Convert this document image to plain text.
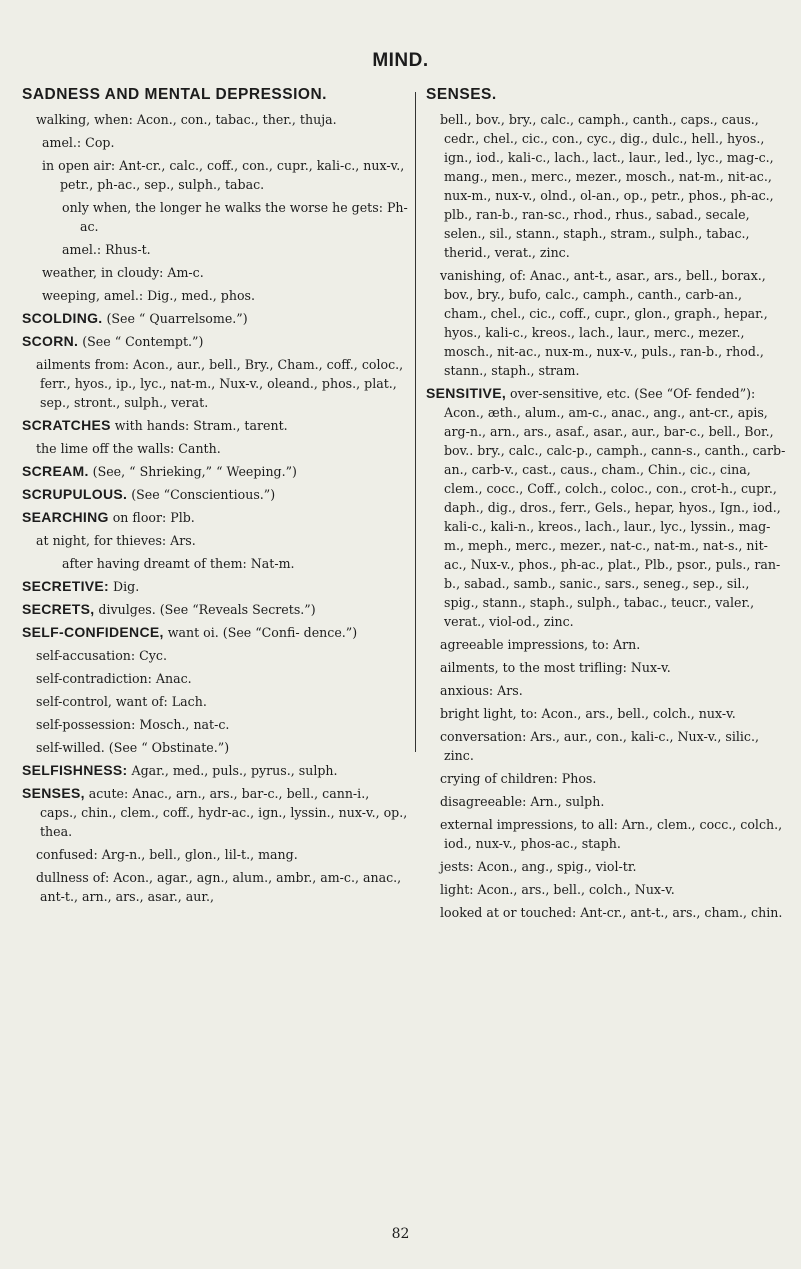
MIND.
SADNESS AND MENTAL DEPRESSION.
walking, when: Acon., con., tabac., ther., thuja.
amel.: Cop.
in open air: Ant-cr., calc., coff., con., cupr., kali-c., nux-v., petr., ph-ac., sep., sulph., tabac.
only when, the longer he walks the worse he gets: Ph-ac.
amel.: Rhus-t.
weather, in cloudy: Am-c.
weeping, amel.: Dig., med., phos.
SCOLDING. (See “ Quarrelsome.”)
SCORN. (See “ Contempt.”)
ailments from: Acon., aur., bell., Bry., Cham., coff., coloc., ferr., hyos., ip., lyc., nat-m., Nux-v., oleand., phos., plat., sep., stront., sulph., verat.
SCRATCHES with hands: Stram., tarent.
the lime off the walls: Canth.
SCREAM. (See, “ Shrieking,” “ Weeping.”)
SCRUPULOUS. (See “Conscientious.”)
SEARCHING on floor: Plb.
at night, for thieves: Ars.
after having dreamt of them: Nat-m.
SECRETIVE: Dig.
SECRETS, divulges. (See “Reveals Secrets.”)
SELF-CONFIDENCE, want oi. (See “Confi- dence.”)
self-accusation: Cyc.
self-contradiction: Anac.
self-control, want of: Lach.
self-possession: Mosch., nat-c.
self-willed. (See “ Obstinate.”)
SELFISHNESS: Agar., med., puls., pyrus., sulph.
SENSES, acute: Anac., arn., ars., bar-c., bell., cann-i., caps., chin., clem., coff., hydr-ac., ign., lyssin., nux-v., op., thea.
confused: Arg-n., bell., glon., lil-t., mang.
dullness of: Acon., agar., agn., alum., ambr., am-c., anac., ant-t., arn., ars., asar., aur.,
SENSES.
bell., bov., bry., calc., camph., canth., caps., caus., cedr., chel., cic., con., cyc., dig., dulc., hell., hyos., ign., iod., kali-c., lach., lact., laur., led., lyc., mag-c., mang., men., merc., mezer., mosch., nat-m., nit-ac., nux-m., nux-v., olnd., ol-an., op., petr., phos., ph-ac., plb., ran-b., ran-sc., rhod., rhus., sabad., secale, selen., sil., stann., staph., stram., sulph., tabac., therid., verat., zinc.
vanishing, of: Anac., ant-t., asar., ars., bell., borax., bov., bry., bufo, calc., camph., canth., carb-an., cham., chel., cic., coff., cupr., glon., graph., hepar., hyos., kali-c., kreos., lach., laur., merc., mezer., mosch., nit-ac., nux-m., nux-v., puls., ran-b., rhod., stann., staph., stram.
SENSITIVE, over-sensitive, etc. (See “Of- fended”): Acon., æth., alum., am-c., anac., ang., ant-cr., apis, arg-n., arn., ars., asaf., asar., aur., bar-c., bell., Bor., bov.. bry., calc., calc-p., camph., cann-s., canth., carb-an., carb-v., cast., caus., cham., Chin., cic., cina, clem., cocc., Coff., colch., coloc., con., crot-h., cupr., daph., dig., dros., ferr., Gels., hepar, hyos., Ign., iod., kali-c., kali-n., kreos., lach., laur., lyc., lyssin., mag-m., meph., merc., mezer., nat-c., nat-m., nat-s., nit-ac., Nux-v., phos., ph-ac., plat., Plb., psor., puls., ran-b., sabad., samb., sanic., sars., seneg., sep., sil., spig., stann., staph., sulph., tabac., teucr., valer., verat., viol-od., zinc.
agreeable impressions, to: Arn.
ailments, to the most trifling: Nux-v.
anxious: Ars.
bright light, to: Acon., ars., bell., colch., nux-v.
conversation: Ars., aur., con., kali-c., Nux-v., silic., zinc.
crying of children: Phos.
disagreeable: Arn., sulph.
external impressions, to all: Arn., clem., cocc., colch., iod., nux-v., phos-ac., staph.
jests: Acon., ang., spig., viol-tr.
light: Acon., ars., bell., colch., Nux-v.
looked at or touched: Ant-cr., ant-t., ars., cham., chin.
82
